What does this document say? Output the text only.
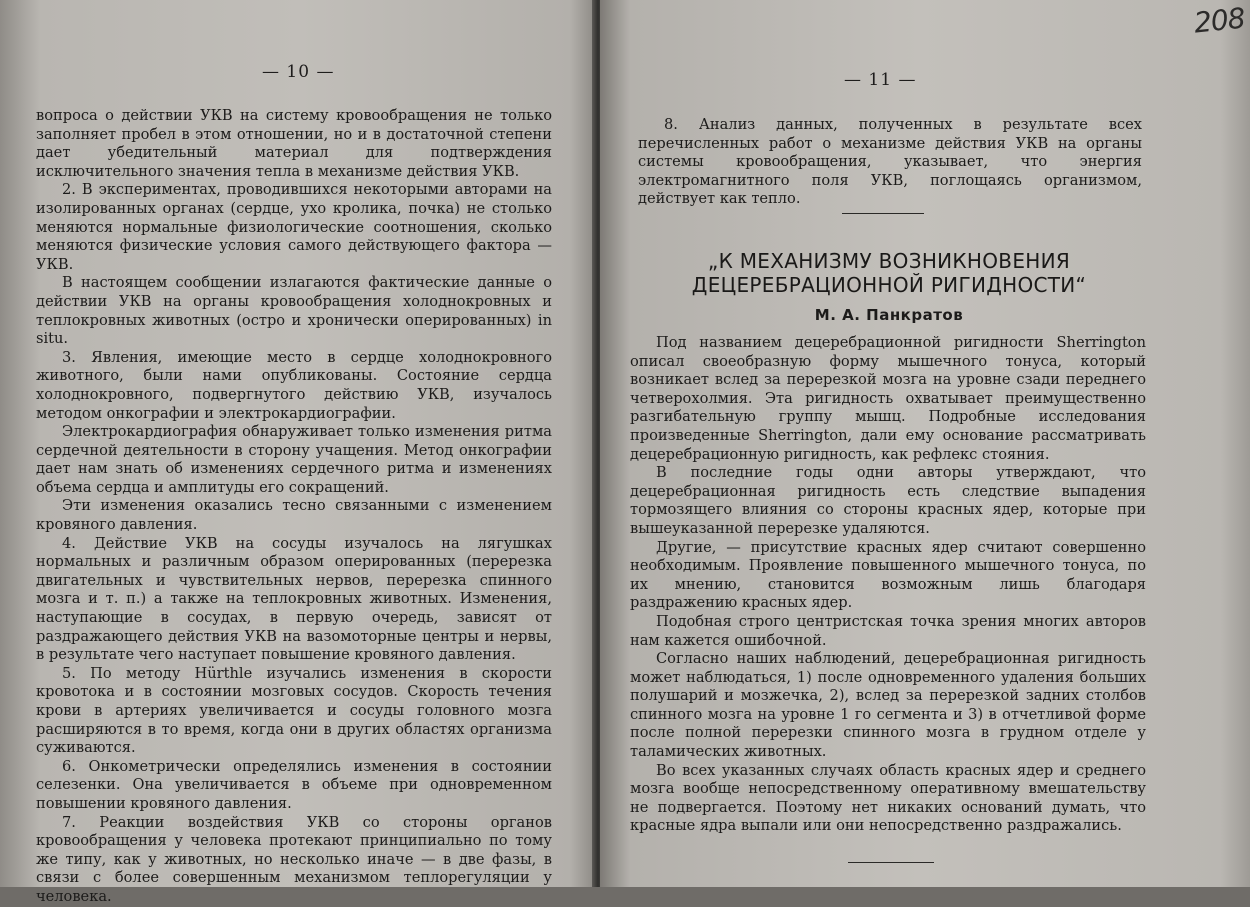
— 10 —

вопроса о действии УКВ на систему кровообращения не только заполняет пробел в этом отношении, но и в достаточной степени дает убедительный материал для подтверждения исключительного значения тепла в механизме действия УКВ.

2. В экспериментах, проводившихся некоторыми авторами на изолированных органах (сердце, ухо кролика, почка) не столько меняются нормальные физиологические соотношения, сколько меняются физические условия самого действующего фактора — УКВ.

В настоящем сообщении излагаются фактические данные о действии УКВ на органы кровообращения холоднокровных и теплокровных животных (остро и хронически оперированных) in situ.

3. Явления, имеющие место в сердце холоднокровного животного, были нами опубликованы. Состояние сердца холоднокровного, подвергнутого действию УКВ, изучалось методом онкографии и электрокардиографии.

Электрокардиография обнаруживает только изменения ритма сердечной деятельности в сторону учащения. Метод онкографии дает нам знать об изменениях сердечного ритма и изменениях объема сердца и амплитуды его сокращений.

Эти изменения оказались тесно связанными с изменением кровяного давления.

4. Действие УКВ на сосуды изучалось на лягушках нормальных и различным образом оперированных (перерезка двигательных и чувствительных нервов, перерезка спинного мозга и т. п.) а также на теплокровных животных. Изменения, наступающие в сосудах, в первую очередь, зависят от раздражающего действия УКВ на вазомоторные центры и нервы, в результате чего наступает повышение кровяного давления.

5. По методу Hürthle изучались изменения в скорости кровотока и в состоянии мозговых сосудов. Скорость течения крови в артериях увеличивается и сосуды головного мозга расширяются в то время, когда они в других областях организма суживаются.

6. Онкометрически определялись изменения в состоянии селезенки. Она увеличивается в объеме при одновременном повышении кровяного давления.

7. Реакции воздействия УКВ со стороны органов кровообращения у человека протекают принципиально по тому же типу, как у животных, но несколько иначе — в две фазы, в связи с более совершенным механизмом теплорегуляции у человека.

208
— 11 —

8. Анализ данных, полученных в результате всех перечисленных работ о механизме действия УКВ на органы системы кровообращения, указывает, что энергия электромагнитного поля УКВ, поглощаясь организмом, действует как тепло.

„К МЕХАНИЗМУ ВОЗНИКНОВЕНИЯ ДЕЦЕРЕБРАЦИОННОЙ РИГИДНОСТИ“
М. А. Панкратов

Под названием децеребрационной ригидности Sherrington описал своеобразную форму мышечного тонуса, который возникает вслед за перерезкой мозга на уровне сзади переднего четверохолмия. Эта ригидность охватывает преимущественно разгибательную группу мышц. Подробные исследования произведенные Sherrington, дали ему основание рассматривать децеребрационную ригидность, как рефлекс стояния.

В последние годы одни авторы утверждают, что децеребрационная ригидность есть следствие выпадения тормозящего влияния со стороны красных ядер, которые при вышеуказанной перерезке удаляются.

Другие, — присутствие красных ядер считают совершенно необходимым. Проявление повышенного мышечного тонуса, по их мнению, становится возможным лишь благодаря раздражению красных ядер.

Подобная строго центристская точка зрения многих авторов нам кажется ошибочной.

Согласно наших наблюдений, децеребрационная ригидность может наблюдаться, 1) после одновременного удаления больших полушарий и мозжечка, 2), вслед за перерезкой задних столбов спинного мозга на уровне 1 го сегмента и 3) в отчетливой форме после полной перерезки спинного мозга в грудном отделе у таламических животных.

Во всех указанных случаях область красных ядер и среднего мозга вообще непосредственному оперативному вмешательству не подвергается. Поэтому нет никаких оснований думать, что красные ядра выпали или они непосредственно раздражались.
